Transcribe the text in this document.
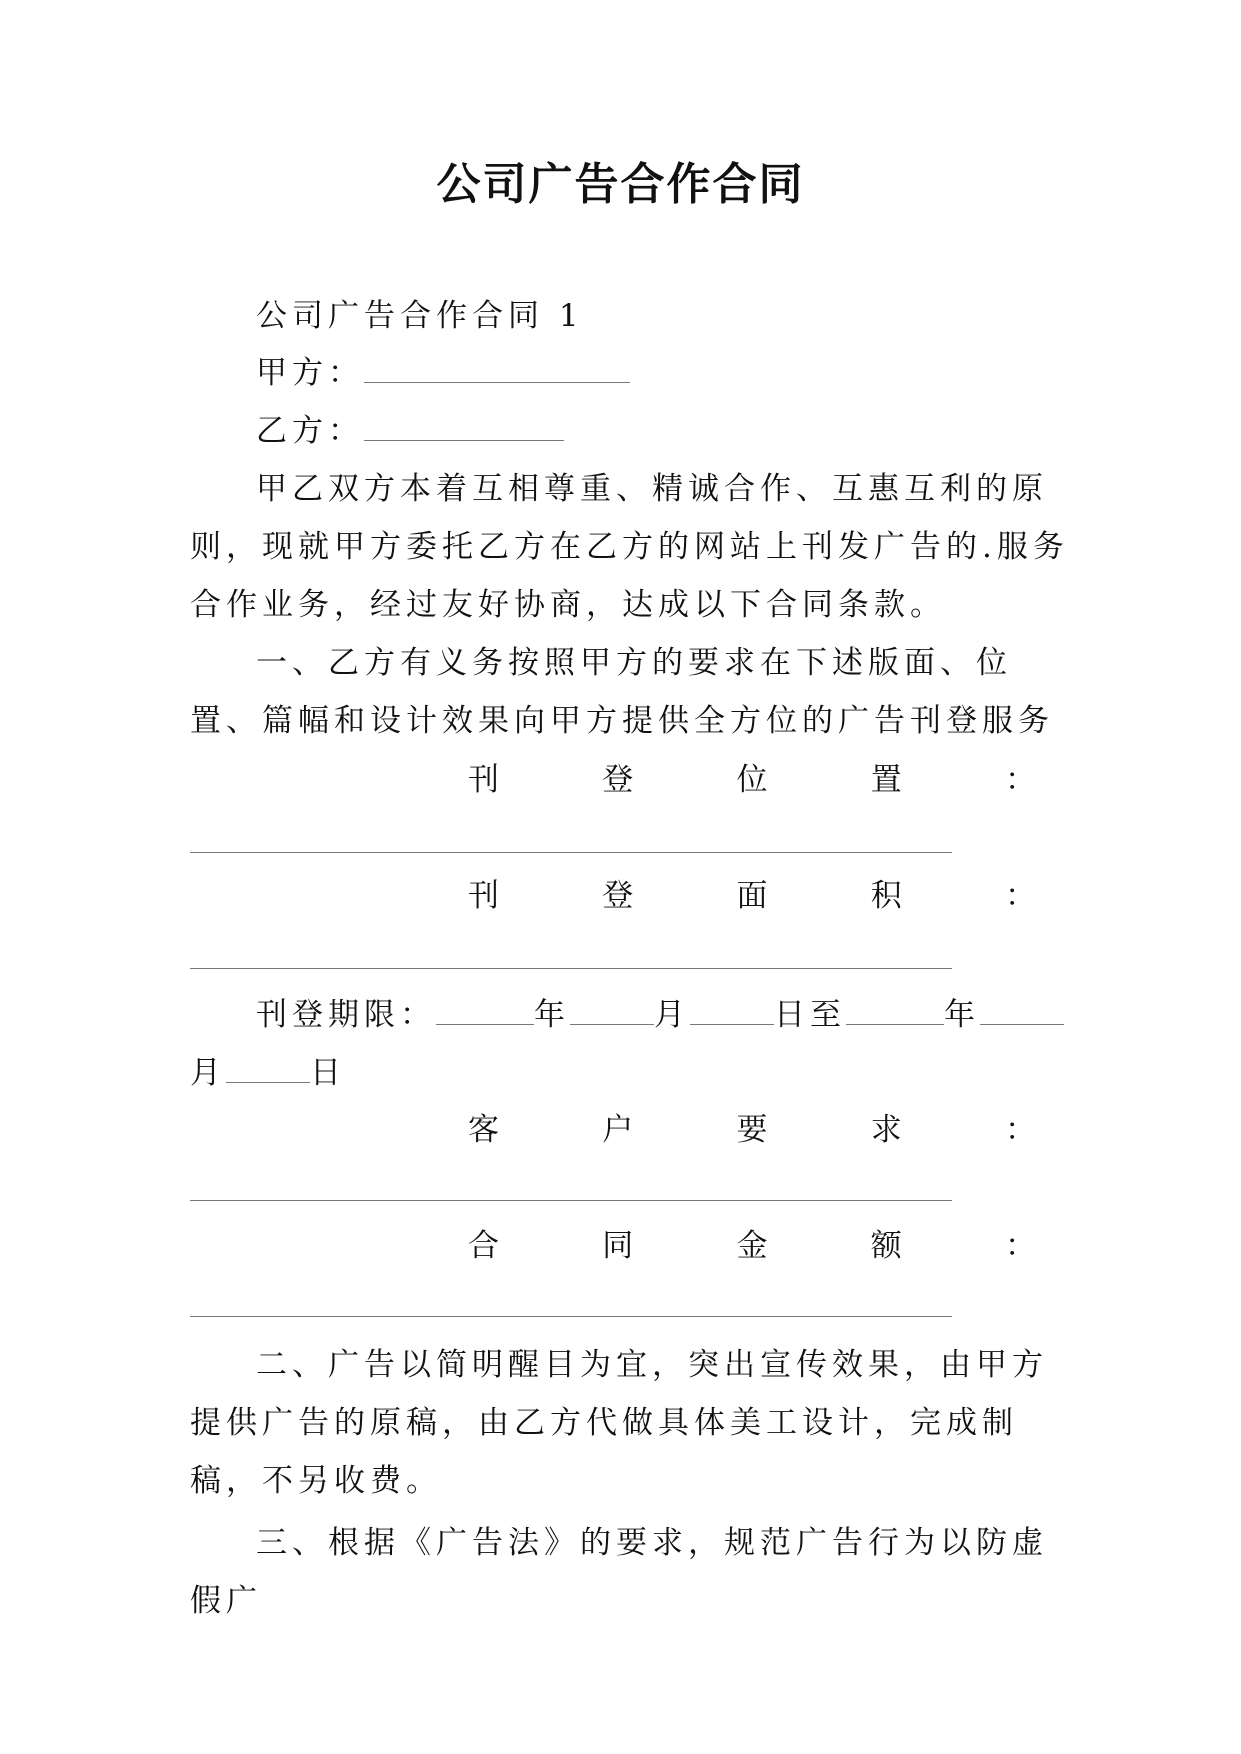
公司广告合作合同
公司广告合作合同 1
甲方：
乙方：

甲乙双方本着互相尊重、精诚合作、互惠互利的原则，现就甲方委托乙方在乙方的网站上刊发广告的.服务合作业务，经过友好协商，达成以下合同条款。

一、乙方有义务按照甲方的要求在下述版面、位置、篇幅和设计效果向甲方提供全方位的广告刊登服务

刊	登	位	置	：
刊	登	面	积	：
刊登期限：	年	月	日至	年
月	日
客	户	要	求	：
合	同	金	额	：

二、广告以简明醒目为宜，突出宣传效果，由甲方提供广告的原稿，由乙方代做具体美工设计，完成制稿，不另收费。

三、根据《广告法》的要求，规范广告行为以防虚假广
